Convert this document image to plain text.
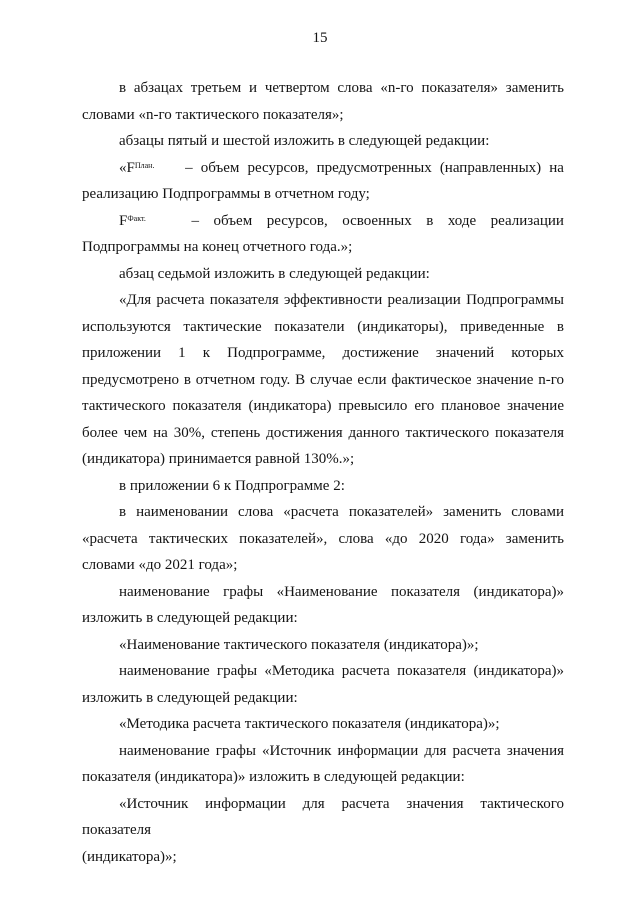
15

в абзацах третьем и четвертом слова «n-го показателя» заменить

словами «n-го тактического показателя»;

абзацы пятый и шестой изложить в следующей редакции:

«$F^{План.}$	– объем ресурсов, предусмотренных (направленных) на

реализацию Подпрограммы в отчетном году;

$F^{Факт.}$	– объем ресурсов, освоенных в ходе реализации

Подпрограммы на конец отчетного года.»;

абзац седьмой изложить в следующей редакции:

«Для расчета показателя эффективности реализации Подпрограммы

используются тактические показатели (индикаторы), приведенные в

приложении 1 к Подпрограмме, достижение значений которых

предусмотрено в отчетном году. В случае если фактическое значение n-го

тактического показателя (индикатора) превысило его плановое значение

более чем на 30%, степень достижения данного тактического показателя

(индикатора) принимается равной 130%.»;

в приложении 6 к Подпрограмме 2:

в наименовании слова «расчета показателей» заменить словами

«расчета тактических показателей», слова «до 2020 года» заменить

словами «до 2021 года»;

наименование графы «Наименование показателя (индикатора)»

изложить в следующей редакции:

«Наименование тактического показателя (индикатора)»;

наименование графы «Методика расчета показателя (индикатора)»

изложить в следующей редакции:

«Методика расчета тактического показателя (индикатора)»;

наименование графы «Источник информации для расчета значения

показателя (индикатора)» изложить в следующей редакции:

«Источник информации для расчета значения тактического показателя

(индикатора)»;
